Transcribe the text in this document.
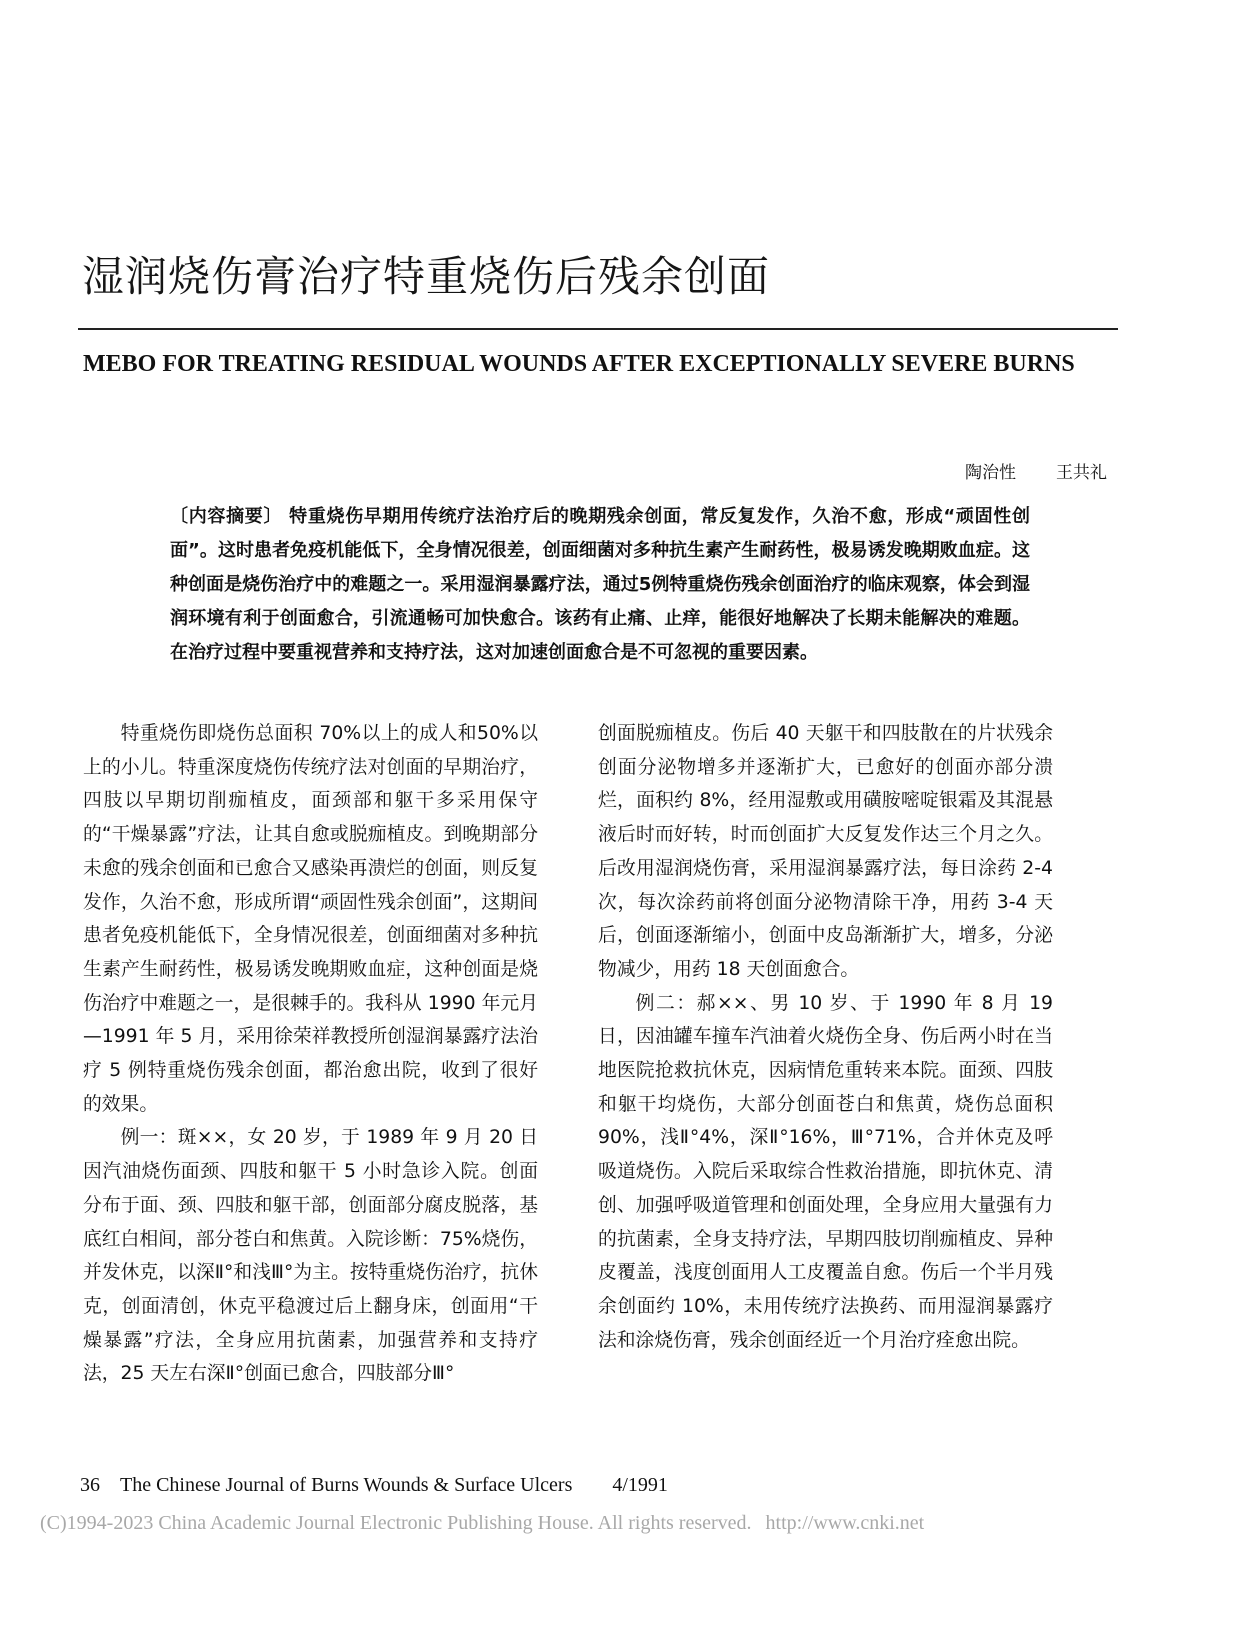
湿润烧伤膏治疗特重烧伤后残余创面
MEBO FOR TREATING RESIDUAL WOUNDS AFTER EXCEPTIONALLY SEVERE BURNS
陶治性 王共礼

〔内容摘要〕 特重烧伤早期用传统疗法治疗后的晚期残余创面，常反复发作，久治不愈，形成“顽固性创面”。这时患者免疫机能低下，全身情况很差，创面细菌对多种抗生素产生耐药性，极易诱发晚期败血症。这种创面是烧伤治疗中的难题之一。采用湿润暴露疗法，通过5例特重烧伤残余创面治疗的临床观察，体会到湿润环境有利于创面愈合，引流通畅可加快愈合。该药有止痛、止痒，能很好地解决了长期未能解决的难题。在治疗过程中要重视营养和支持疗法，这对加速创面愈合是不可忽视的重要因素。

特重烧伤即烧伤总面积 70%以上的成人和50%以上的小儿。特重深度烧伤传统疗法对创面的早期治疗，四肢以早期切削痂植皮，面颈部和躯干多采用保守的“干燥暴露”疗法，让其自愈或脱痂植皮。到晚期部分未愈的残余创面和已愈合又感染再溃烂的创面，则反复发作，久治不愈，形成所谓“顽固性残余创面”，这期间患者免疫机能低下，全身情况很差，创面细菌对多种抗生素产生耐药性，极易诱发晚期败血症，这种创面是烧伤治疗中难题之一，是很棘手的。我科从 1990 年元月—1991 年 5 月，采用徐荣祥教授所创湿润暴露疗法治疗 5 例特重烧伤残余创面，都治愈出院，收到了很好的效果。

例一：斑××，女 20 岁，于 1989 年 9 月 20 日因汽油烧伤面颈、四肢和躯干 5 小时急诊入院。创面分布于面、颈、四肢和躯干部，创面部分腐皮脱落，基底红白相间，部分苍白和焦黄。入院诊断：75%烧伤，并发休克，以深Ⅱ°和浅Ⅲ°为主。按特重烧伤治疗，抗休克，创面清创，休克平稳渡过后上翻身床，创面用“干燥暴露”疗法，全身应用抗菌素，加强营养和支持疗法，25 天左右深Ⅱ°创面已愈合，四肢部分Ⅲ°

创面脱痂植皮。伤后 40 天躯干和四肢散在的片状残余创面分泌物增多并逐渐扩大，已愈好的创面亦部分溃烂，面积约 8%，经用湿敷或用磺胺嘧啶银霜及其混悬液后时而好转，时而创面扩大反复发作达三个月之久。后改用湿润烧伤膏，采用湿润暴露疗法，每日涂药 2-4 次，每次涂药前将创面分泌物清除干净，用药 3-4 天后，创面逐渐缩小，创面中皮岛渐渐扩大，增多，分泌物减少，用药 18 天创面愈合。

例二：郝××、男 10 岁、于 1990 年 8 月 19 日，因油罐车撞车汽油着火烧伤全身、伤后两小时在当地医院抢救抗休克，因病情危重转来本院。面颈、四肢和躯干均烧伤，大部分创面苍白和焦黄，烧伤总面积 90%，浅Ⅱ°4%，深Ⅱ°16%，Ⅲ°71%，合并休克及呼吸道烧伤。入院后采取综合性救治措施，即抗休克、清创、加强呼吸道管理和创面处理，全身应用大量强有力的抗菌素，全身支持疗法，早期四肢切削痂植皮、异种皮覆盖，浅度创面用人工皮覆盖自愈。伤后一个半月残余创面约 10%，未用传统疗法换药、而用湿润暴露疗法和涂烧伤膏，残余创面经近一个月治疗痊愈出院。

36 The Chinese Journal of Burns Wounds & Surface Ulcers 4/1991
(C)1994-2023 China Academic Journal Electronic Publishing House. All rights reserved. http://www.cnki.net
